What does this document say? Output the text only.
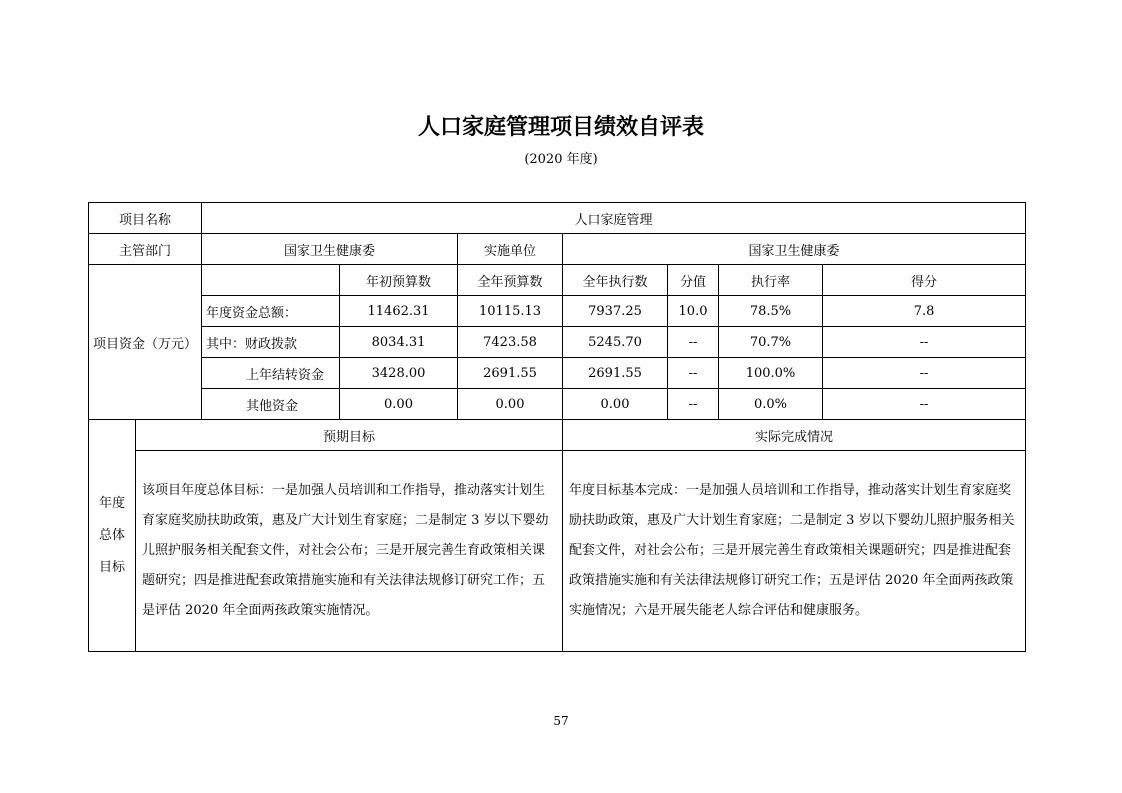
人口家庭管理项目绩效自评表
(2020 年度)
项目名称		人口家庭管理						
主管部门		国家卫生健康委		实施单位	国家卫生健康委			
项目资金（万元）			年初预算数	全年预算数	全年执行数	分值	执行率	得分
		年度资金总额：	11462.31	10115.13	7937.25	10.0	78.5%	7.8
		其中：财政拨款	8034.31	7423.58	5245.70	--	70.7%	--
		上年结转资金	3428.00	2691.55	2691.55	--	100.0%	--
		其他资金	0.00	0.00	0.00	--	0.0%	--
年度总体目标	预期目标				实际完成情况			
	该项目年度总体目标：一是加强人员培训和工作指导，推动落实计划生育家庭奖励扶助政策，惠及广大计划生育家庭；二是制定 3 岁以下婴幼儿照护服务相关配套文件，对社会公布；三是开展完善生育政策相关课题研究；四是推进配套政策措施实施和有关法律法规修订研究工作；五是评估 2020 年全面两孩政策实施情况。				年度目标基本完成：一是加强人员培训和工作指导，推动落实计划生育家庭奖励扶助政策，惠及广大计划生育家庭；二是制定 3 岁以下婴幼儿照护服务相关配套文件，对社会公布；三是开展完善生育政策相关课题研究；四是推进配套政策措施实施和有关法律法规修订研究工作；五是评估 2020 年全面两孩政策实施情况；六是开展失能老人综合评估和健康服务。			
57
